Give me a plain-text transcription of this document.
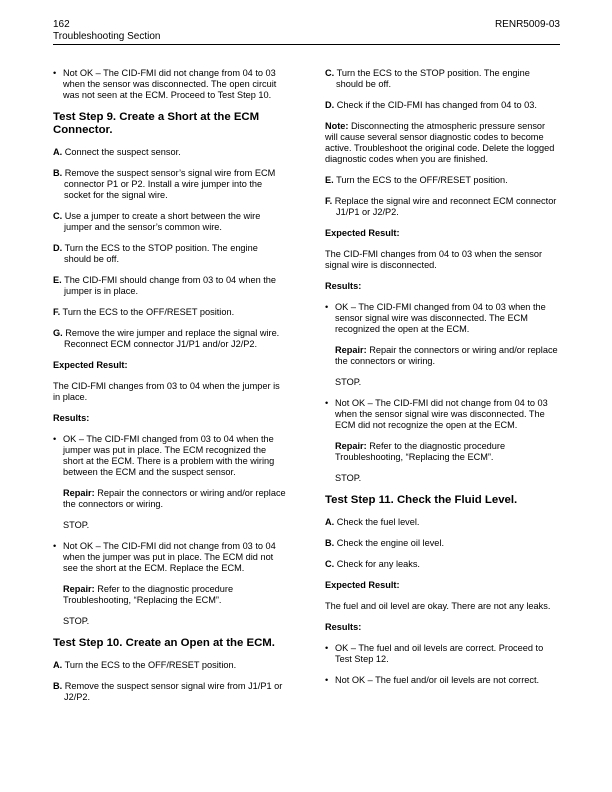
162
Troubleshooting Section
RENR5009-03
• Not OK – The CID-FMI did not change from 04 to 03 when the sensor was disconnected. The open circuit was not seen at the ECM. Proceed to Test Step 10.
Test Step 9. Create a Short at the ECM Connector.
A. Connect the suspect sensor.
B. Remove the suspect sensor’s signal wire from ECM connector P1 or P2. Install a wire jumper into the socket for the signal wire.
C. Use a jumper to create a short between the wire jumper and the sensor’s common wire.
D. Turn the ECS to the STOP position. The engine should be off.
E. The CID-FMI should change from 03 to 04 when the jumper is in place.
F. Turn the ECS to the OFF/RESET position.
G. Remove the wire jumper and replace the signal wire. Reconnect ECM connector J1/P1 and/or J2/P2.
Expected Result:
The CID-FMI changes from 03 to 04 when the jumper is in place.
Results:
• OK – The CID-FMI changed from 03 to 04 when the jumper was put in place. The ECM recognized the short at the ECM. There is a problem with the wiring between the ECM and the suspect sensor.
Repair: Repair the connectors or wiring and/or replace the connectors or wiring.
STOP.
• Not OK – The CID-FMI did not change from 03 to 04 when the jumper was put in place. The ECM did not see the short at the ECM. Replace the ECM.
Repair: Refer to the diagnostic procedure Troubleshooting, “Replacing the ECM”.
STOP.
Test Step 10. Create an Open at the ECM.
A. Turn the ECS to the OFF/RESET position.
B. Remove the suspect sensor signal wire from J1/P1 or J2/P2.
C. Turn the ECS to the STOP position. The engine should be off.
D. Check if the CID-FMI has changed from 04 to 03.
Note: Disconnecting the atmospheric pressure sensor will cause several sensor diagnostic codes to become active. Troubleshoot the original code. Delete the logged diagnostic codes when you are finished.
E. Turn the ECS to the OFF/RESET position.
F. Replace the signal wire and reconnect ECM connector J1/P1 or J2/P2.
Expected Result:
The CID-FMI changes from 04 to 03 when the sensor signal wire is disconnected.
Results:
• OK – The CID-FMI changed from 04 to 03 when the sensor signal wire was disconnected. The ECM recognized the open at the ECM.
Repair: Repair the connectors or wiring and/or replace the connectors or wiring.
STOP.
• Not OK – The CID-FMI did not change from 04 to 03 when the sensor signal wire was disconnected. The ECM did not recognize the open at the ECM.
Repair: Refer to the diagnostic procedure Troubleshooting, “Replacing the ECM”.
STOP.
Test Step 11. Check the Fluid Level.
A. Check the fuel level.
B. Check the engine oil level.
C. Check for any leaks.
Expected Result:
The fuel and oil level are okay. There are not any leaks.
Results:
• OK – The fuel and oil levels are correct. Proceed to Test Step 12.
• Not OK – The fuel and/or oil levels are not correct.
